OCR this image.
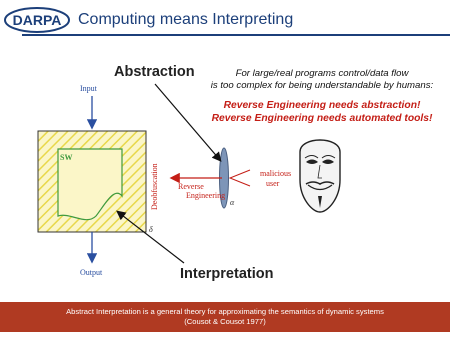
DARPA Computing means Interpreting
Abstraction
Interpretation
For large/real programs control/data flow
is too complex for being understandable by humans:
Reverse Engineering needs abstraction!
Reverse Engineering needs automated tools!
Input
SW
Output
Deobfuscation
δ
α
Reverse
Engineering
malicious
user
Abstract Interpretation is a general theory for approximating the semantics of dynamic systems
(Cousot & Cousot 1977)
